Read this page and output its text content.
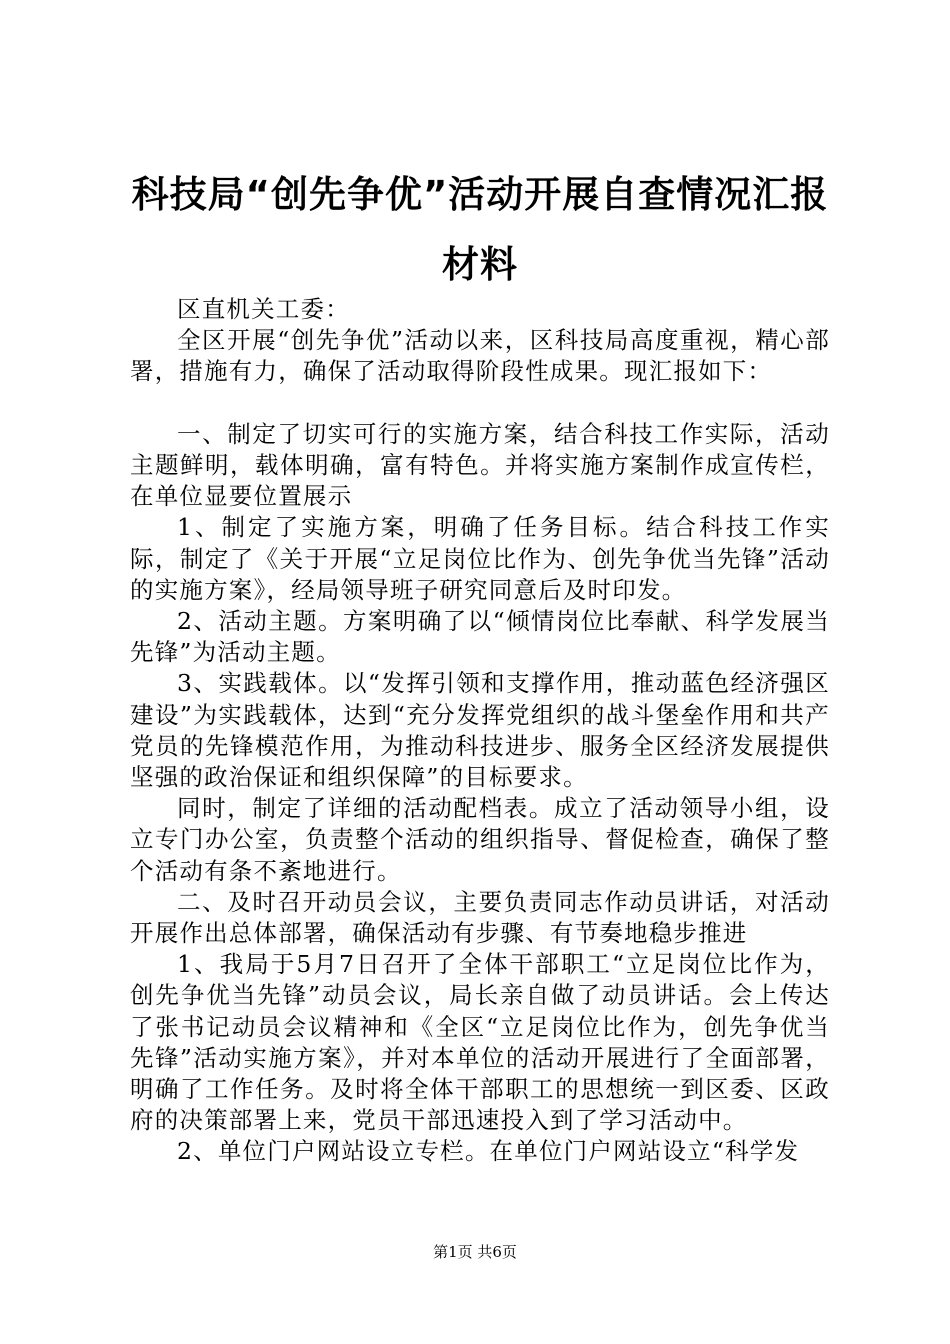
科技局“创先争优”活动开展自查情况汇报材料

区直机关工委：

全区开展“创先争优”活动以来，区科技局高度重视，精心部署，措施有力，确保了活动取得阶段性成果。现汇报如下：

一、制定了切实可行的实施方案，结合科技工作实际，活动主题鲜明，载体明确，富有特色。并将实施方案制作成宣传栏，在单位显要位置展示

1、制定了实施方案，明确了任务目标。结合科技工作实际，制定了《关于开展“立足岗位比作为、创先争优当先锋”活动的实施方案》，经局领导班子研究同意后及时印发。

2、活动主题。方案明确了以“倾情岗位比奉献、科学发展当先锋”为活动主题。

3、实践载体。以“发挥引领和支撑作用，推动蓝色经济强区建设”为实践载体，达到“充分发挥党组织的战斗堡垒作用和共产党员的先锋模范作用，为推动科技进步、服务全区经济发展提供坚强的政治保证和组织保障”的目标要求。

同时，制定了详细的活动配档表。成立了活动领导小组，设立专门办公室，负责整个活动的组织指导、督促检查，确保了整个活动有条不紊地进行。

二、及时召开动员会议，主要负责同志作动员讲话，对活动开展作出总体部署，确保活动有步骤、有节奏地稳步推进

1、我局于5月7日召开了全体干部职工“立足岗位比作为，创先争优当先锋”动员会议，局长亲自做了动员讲话。会上传达了张书记动员会议精神和《全区“立足岗位比作为，创先争优当先锋”活动实施方案》，并对本单位的活动开展进行了全面部署，明确了工作任务。及时将全体干部职工的思想统一到区委、区政府的决策部署上来，党员干部迅速投入到了学习活动中。

2、单位门户网站设立专栏。在单位门户网站设立“科学发

第1页 共6页
